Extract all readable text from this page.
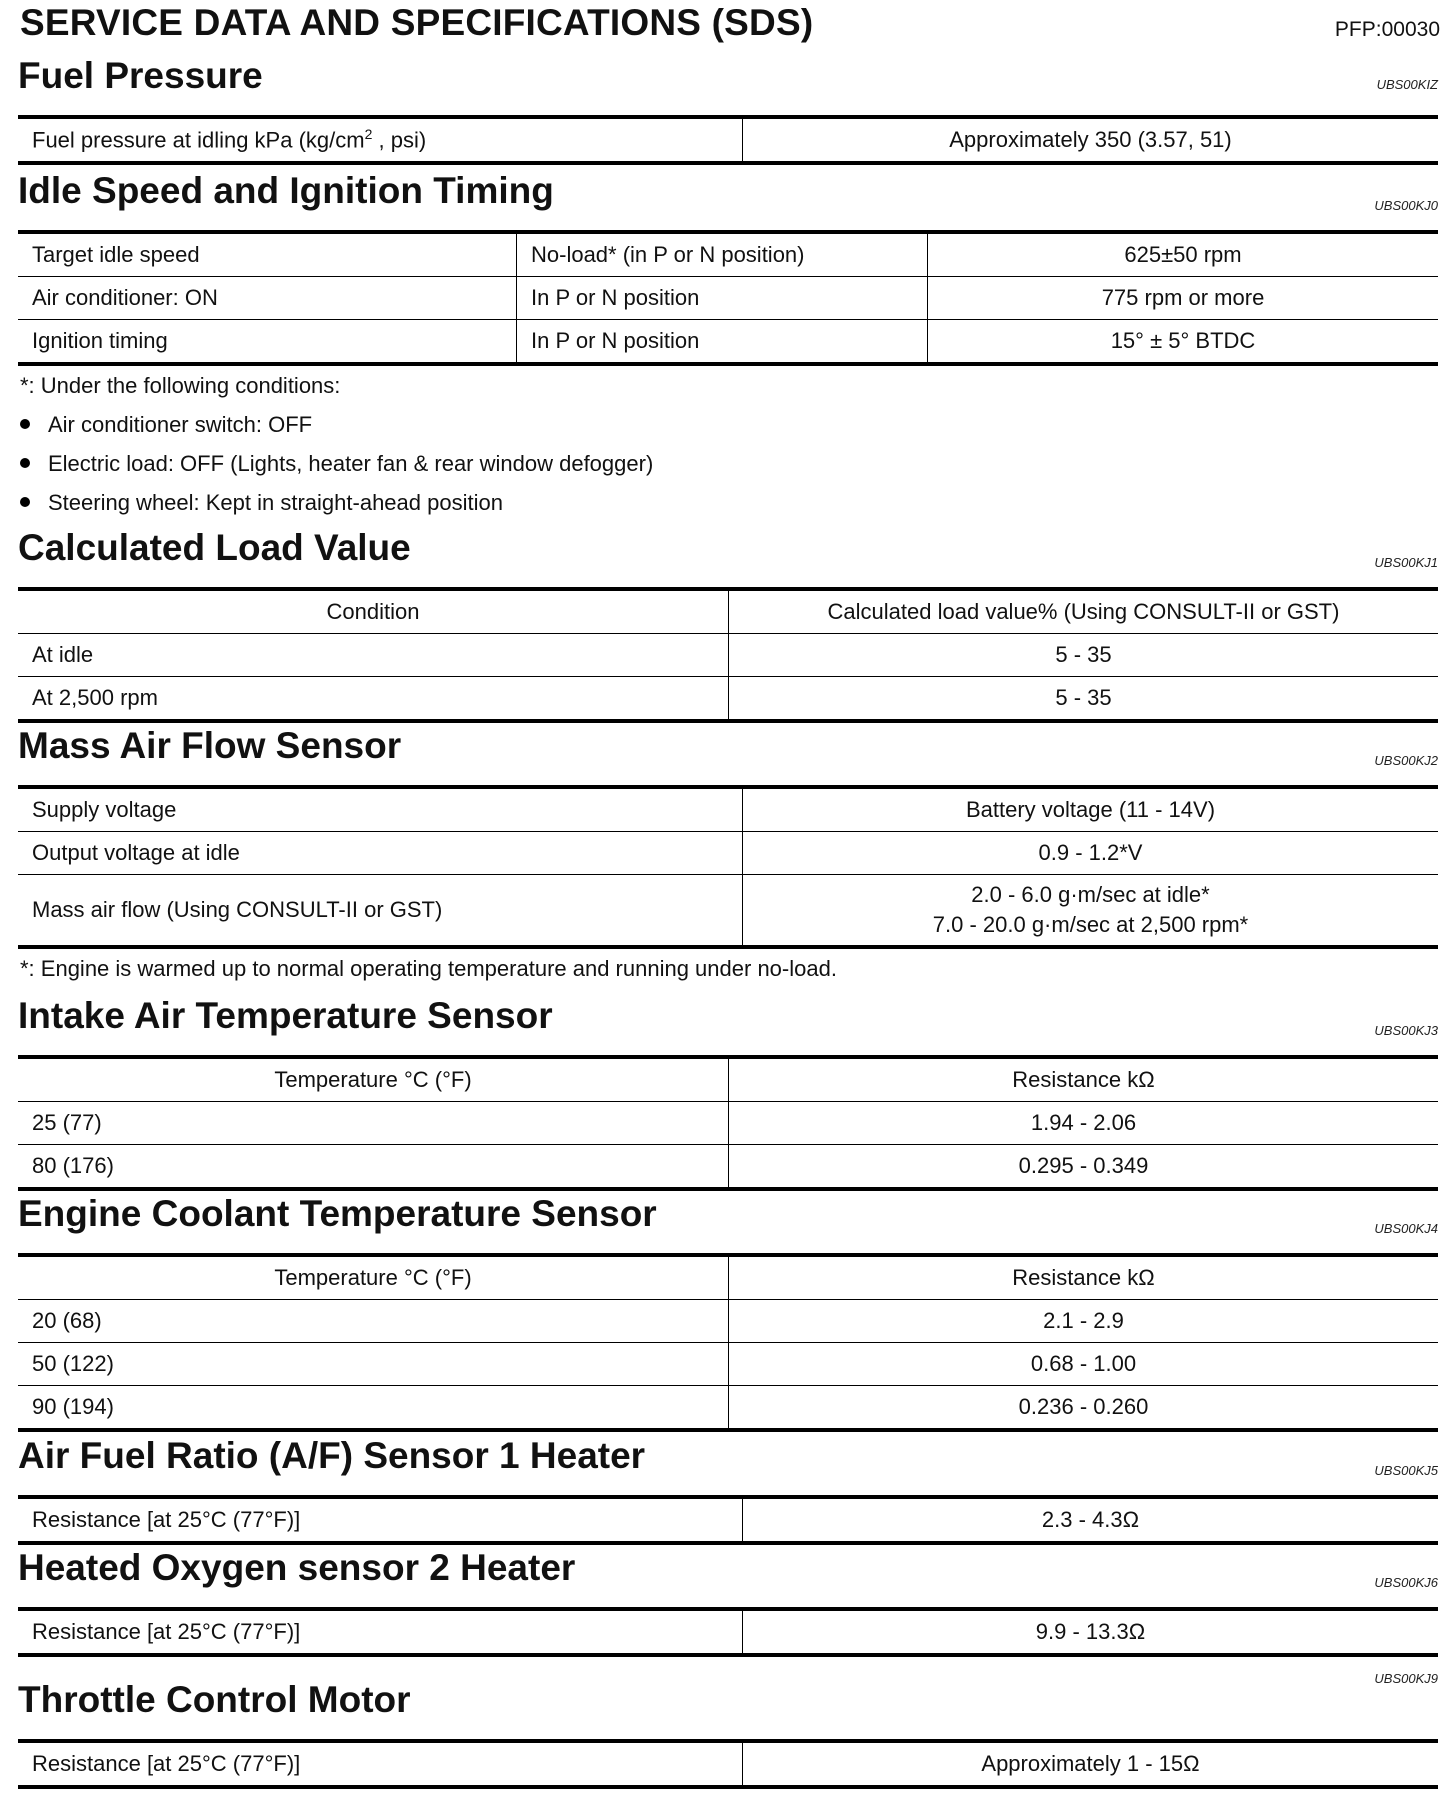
SERVICE DATA AND SPECIFICATIONS (SDS)	PFP:00030
Fuel Pressure	UBS00KIZ
Fuel pressure at idling kPa ($kg/cm^2$ , psi)	Approximately 350 (3.57, 51)
Idle Speed and Ignition Timing	UBS00KJ0
Target idle speed	No-load* (in P or N position)	625±50 rpm
Air conditioner: ON	In P or N position	775 rpm or more
Ignition timing	In P or N position	15° ± 5° BTDC
*: Under the following conditions:
Air conditioner switch: OFF
Electric load: OFF (Lights, heater fan & rear window defogger)
Steering wheel: Kept in straight-ahead position
Calculated Load Value	UBS00KJ1
Condition	Calculated load value% (Using CONSULT-II or GST)
At idle	5 - 35
At 2,500 rpm	5 - 35
Mass Air Flow Sensor	UBS00KJ2
Supply voltage	Battery voltage (11 - 14V)
Output voltage at idle	0.9 - 1.2*V
Mass air flow (Using CONSULT-II or GST)	2.0 - 6.0 g·m/sec at idle*
7.0 - 20.0 g·m/sec at 2,500 rpm*
*: Engine is warmed up to normal operating temperature and running under no-load.
Intake Air Temperature Sensor	UBS00KJ3
Temperature °C (°F)	Resistance kΩ
25 (77)	1.94 - 2.06
80 (176)	0.295 - 0.349
Engine Coolant Temperature Sensor	UBS00KJ4
Temperature °C (°F)	Resistance kΩ
20 (68)	2.1 - 2.9
50 (122)	0.68 - 1.00
90 (194)	0.236 - 0.260
Air Fuel Ratio (A/F) Sensor 1 Heater	UBS00KJ5
Resistance [at 25°C (77°F)]	2.3 - 4.3Ω
Heated Oxygen sensor 2 Heater	UBS00KJ6
Resistance [at 25°C (77°F)]	9.9 - 13.3Ω
Throttle Control Motor
UBS00KJ9
Resistance [at 25°C (77°F)]	Approximately 1 - 15Ω
